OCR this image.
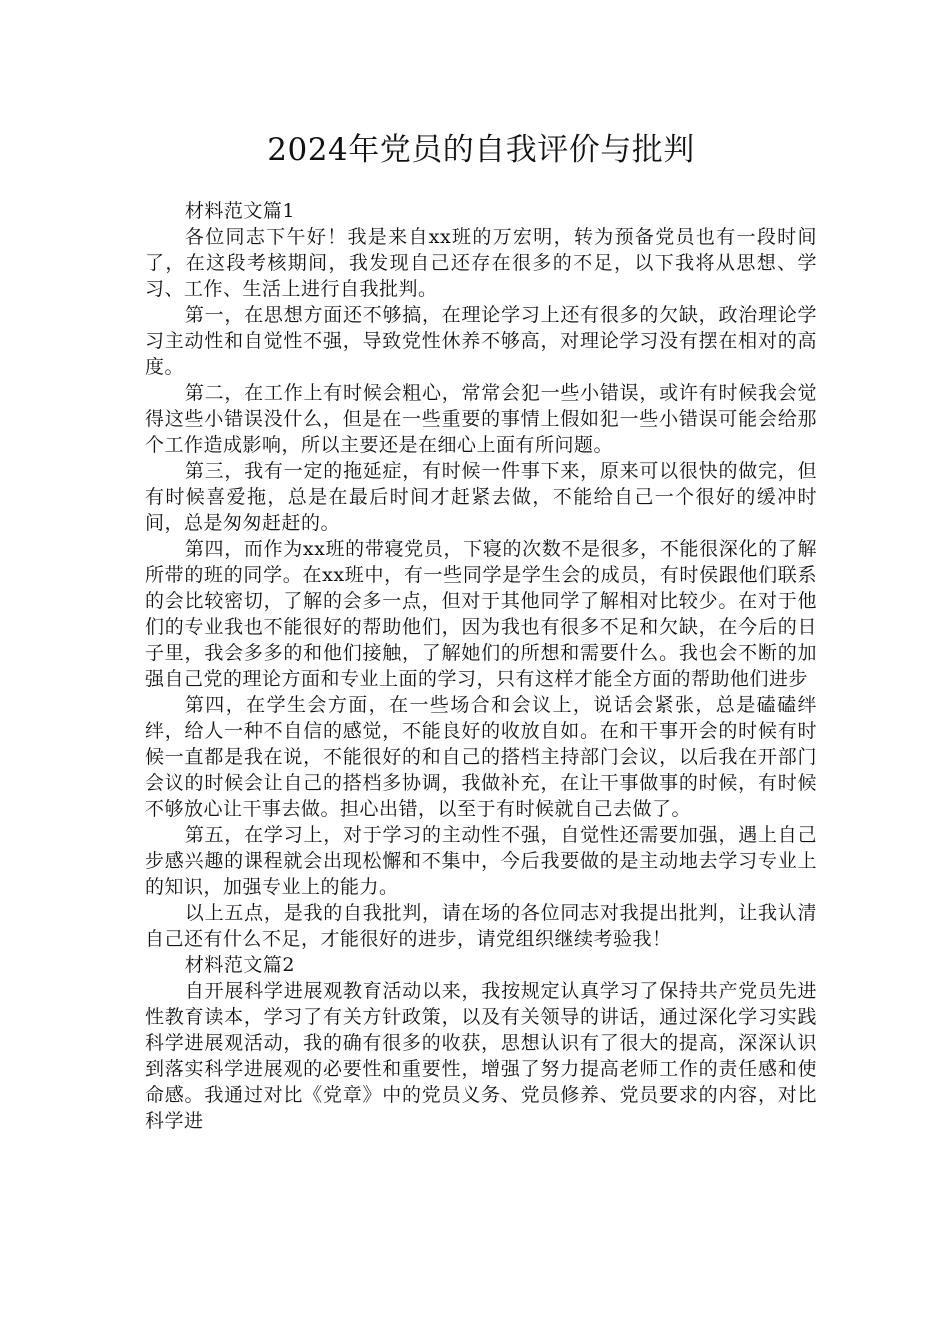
2024年党员的自我评价与批判

材料范文篇1

各位同志下午好！我是来自xx班的万宏明，转为预备党员也有一段时间了，在这段考核期间，我发现自己还存在很多的不足，以下我将从思想、学习、工作、生活上进行自我批判。

第一，在思想方面还不够搞，在理论学习上还有很多的欠缺，政治理论学习主动性和自觉性不强，导致党性休养不够高，对理论学习没有摆在相对的高度。

第二，在工作上有时候会粗心，常常会犯一些小错误，或许有时候我会觉得这些小错误没什么，但是在一些重要的事情上假如犯一些小错误可能会给那个工作造成影响，所以主要还是在细心上面有所问题。

第三，我有一定的拖延症，有时候一件事下来，原来可以很快的做完，但有时候喜爱拖，总是在最后时间才赶紧去做，不能给自己一个很好的缓冲时间，总是匆匆赶赶的。

第四，而作为xx班的带寝党员，下寝的次数不是很多，不能很深化的了解所带的班的同学。在xx班中，有一些同学是学生会的成员，有时侯跟他们联系的会比较密切，了解的会多一点，但对于其他同学了解相对比较少。在对于他们的专业我也不能很好的帮助他们，因为我也有很多不足和欠缺，在今后的日子里，我会多多的和他们接触，了解她们的所想和需要什么。我也会不断的加强自己党的理论方面和专业上面的学习，只有这样才能全方面的帮助他们进步

第四，在学生会方面，在一些场合和会议上，说话会紧张，总是磕磕绊绊，给人一种不自信的感觉，不能良好的收放自如。在和干事开会的时候有时候一直都是我在说，不能很好的和自己的搭档主持部门会议，以后我在开部门会议的时候会让自己的搭档多协调，我做补充，在让干事做事的时候，有时候不够放心让干事去做。担心出错，以至于有时候就自己去做了。

第五，在学习上，对于学习的主动性不强，自觉性还需要加强，遇上自己步感兴趣的课程就会出现松懈和不集中，今后我要做的是主动地去学习专业上的知识，加强专业上的能力。

以上五点，是我的自我批判，请在场的各位同志对我提出批判，让我认清自己还有什么不足，才能很好的进步，请党组织继续考验我！

材料范文篇2

自开展科学进展观教育活动以来，我按规定认真学习了保持共产党员先进性教育读本，学习了有关方针政策，以及有关领导的讲话，通过深化学习实践科学进展观活动，我的确有很多的收获，思想认识有了很大的提高，深深认识到落实科学进展观的必要性和重要性，增强了努力提高老师工作的责任感和使命感。我通过对比《党章》中的党员义务、党员修养、党员要求的内容，对比科学进
